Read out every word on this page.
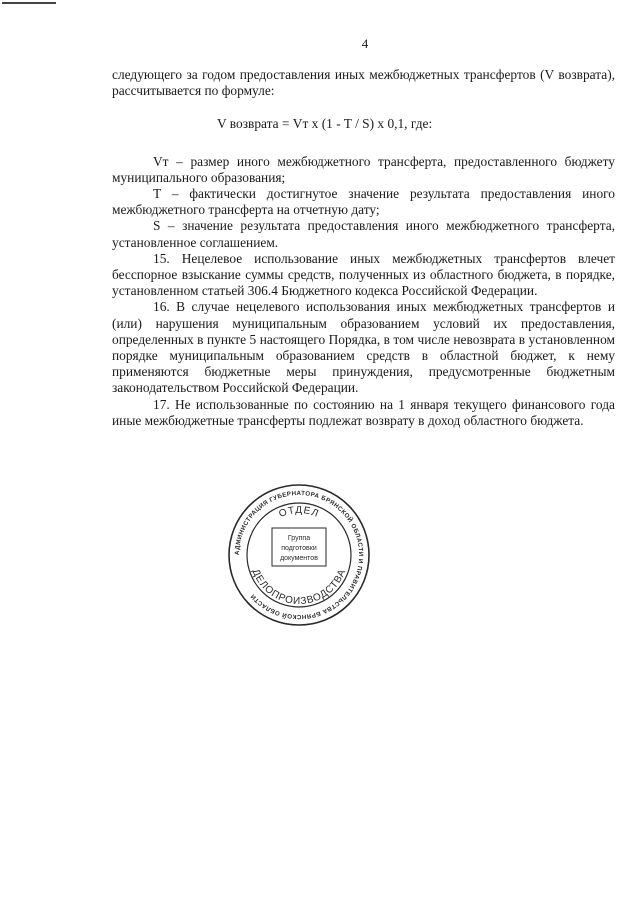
4

следующего за годом предоставления иных межбюджетных трансфертов (V возврата), рассчитывается по формуле:

V возврата = Vт x (1 - T / S) x 0,1, где:

Vт – размер иного межбюджетного трансферта, предоставленного бюджету муниципального образования;

T – фактически достигнутое значение результата предоставления иного межбюджетного трансферта на отчетную дату;

S – значение результата предоставления иного межбюджетного трансферта, установленное соглашением.

15. Нецелевое использование иных межбюджетных трансфертов влечет бесспорное взыскание суммы средств, полученных из областного бюджета, в порядке, установленном статьей 306.4 Бюджетного кодекса Российской Федерации.

16. В случае нецелевого использования иных межбюджетных трансфертов и (или) нарушения муниципальным образованием условий их предоставления, определенных в пункте 5 настоящего Порядка, в том числе невозврата в установленном порядке муниципальным образованием средств в областной бюджет, к нему применяются бюджетные меры принуждения, предусмотренные бюджетным законодательством Российской Федерации.

17. Не использованные по состоянию на 1 января текущего финансового года иные межбюджетные трансферты подлежат возврату в доход областного бюджета.

АДМИНИСТРАЦИЯ ГУБЕРНАТОРА БРЯНСКОЙ ОБЛАСТИ И ПРАВИТЕЛЬСТВА БРЯНСКОЙ ОБЛАСТИ
ОТДЕЛ
ДЕЛОПРОИЗВОДСТВА
Группа
подготовки
документов
